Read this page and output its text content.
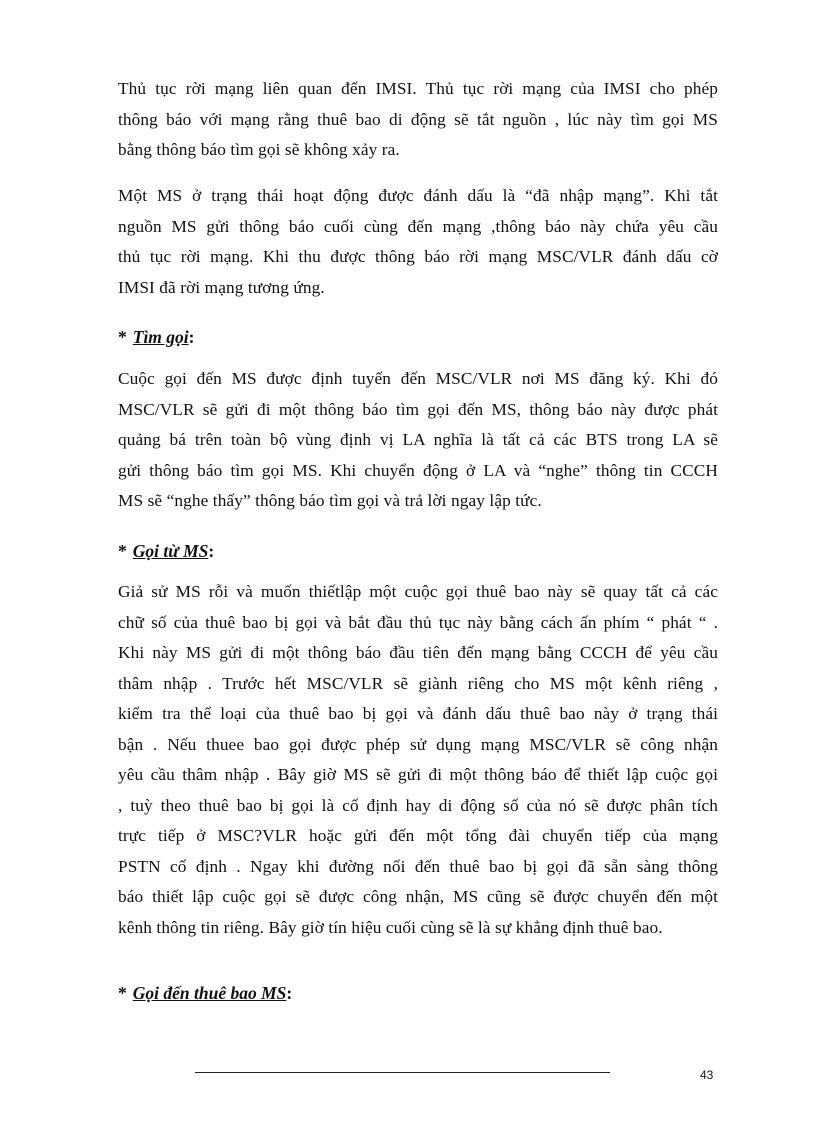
Thủ tục rời mạng liên quan đến IMSI. Thủ tục rời mạng của IMSI cho phép
thông báo với mạng rằng thuê bao di động sẽ tắt nguồn , lúc này tìm gọi MS
bằng thông báo tìm gọi sẽ không xảy ra.
Một MS ở trạng thái hoạt động được đánh dấu là “đã nhập mạng”. Khi tắt
nguồn MS gửi thông báo cuối cùng đến mạng ,thông báo này chứa yêu cầu
thủ tục rời mạng. Khi thu được thông báo rời mạng MSC/VLR đánh dấu cờ
IMSI đã rời mạng tương ứng.
* Tìm gọi:
Cuộc gọi đến MS được định tuyến đến MSC/VLR nơi MS đăng ký. Khi đó
MSC/VLR sẽ gửi đi một thông báo tìm gọi đến MS, thông báo này được phát
quảng bá trên toàn bộ vùng định vị LA nghĩa là tất cả các BTS trong LA sẽ
gửi thông báo tìm gọi MS. Khi chuyển động ở LA và “nghe” thông tin CCCH
MS sẽ “nghe thấy” thông báo tìm gọi và trả lời ngay lập tức.
* Gọi từ MS:
Giả sử MS rỗi và muốn thiếtlập một cuộc gọi thuê bao này sẽ quay tất cả các
chữ số của thuê bao bị gọi và bắt đầu thủ tục này bằng cách ấn phím “ phát “ .
Khi này MS gửi đi một thông báo đầu tiên đến mạng bằng CCCH để yêu cầu
thâm nhập . Trước hết MSC/VLR sẽ giành riêng cho MS một kênh riêng ,
kiểm tra thể loại của thuê bao bị gọi và đánh dấu thuê bao này ở trạng thái
bận . Nếu thuee bao gọi được phép sử dụng mạng MSC/VLR sẽ công nhận
yêu cầu thâm nhập . Bây giờ MS sẽ gửi đi một thông báo để thiết lập cuộc gọi
, tuỳ theo thuê bao bị gọi là cố định hay di động số của nó sẽ được phân tích
trực tiếp ở MSC?VLR hoặc gửi đến một tổng đài chuyển tiếp của mạng
PSTN cố định . Ngay khi đường nối đến thuê bao bị gọi đã sẵn sàng thông
báo thiết lập cuộc gọi sẽ được công nhận, MS cũng sẽ được chuyển đến một
kênh thông tin riêng. Bây giờ tín hiệu cuối cùng sẽ là sự khẳng định thuê bao.
* Gọi đến thuê bao MS:
43
